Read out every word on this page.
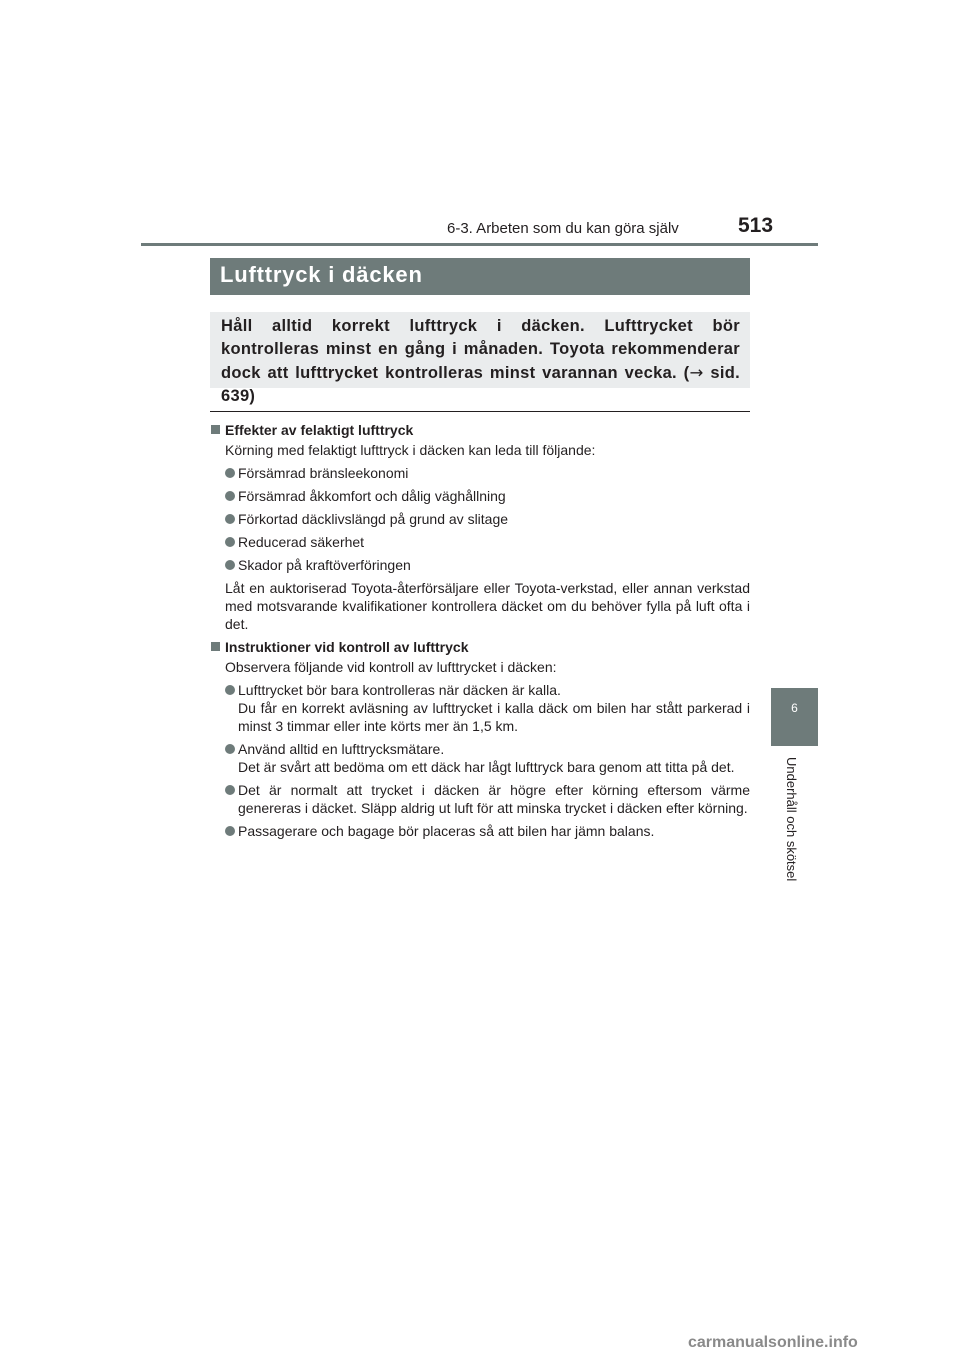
6-3. Arbeten som du kan göra själv	513
6
Underhåll och skötsel
Lufttryck i däcken

Håll alltid korrekt lufttryck i däcken. Lufttrycket bör kontrolleras minst en gång i månaden. Toyota rekommenderar dock att lufttrycket kontrolleras minst varannan vecka. (→ sid. 639)

Effekter av felaktigt lufttryck
Körning med felaktigt lufttryck i däcken kan leda till följande:
Försämrad bränsleekonomi
Försämrad åkkomfort och dålig väghållning
Förkortad däcklivslängd på grund av slitage
Reducerad säkerhet
Skador på kraftöverföringen
Låt en auktoriserad Toyota-återförsäljare eller Toyota-verkstad, eller annan verkstad med motsvarande kvalifikationer kontrollera däcket om du behöver fylla på luft ofta i det.
Instruktioner vid kontroll av lufttryck
Observera följande vid kontroll av lufttrycket i däcken:
Lufttrycket bör bara kontrolleras när däcken är kalla.
Du får en korrekt avläsning av lufttrycket i kalla däck om bilen har stått parkerad i minst 3 timmar eller inte körts mer än 1,5 km.
Använd alltid en lufttrycksmätare.
Det är svårt att bedöma om ett däck har lågt lufttryck bara genom att titta på det.
Det är normalt att trycket i däcken är högre efter körning eftersom värme genereras i däcket. Släpp aldrig ut luft för att minska trycket i däcken efter körning.
Passagerare och bagage bör placeras så att bilen har jämn balans.
carmanualsonline.info
